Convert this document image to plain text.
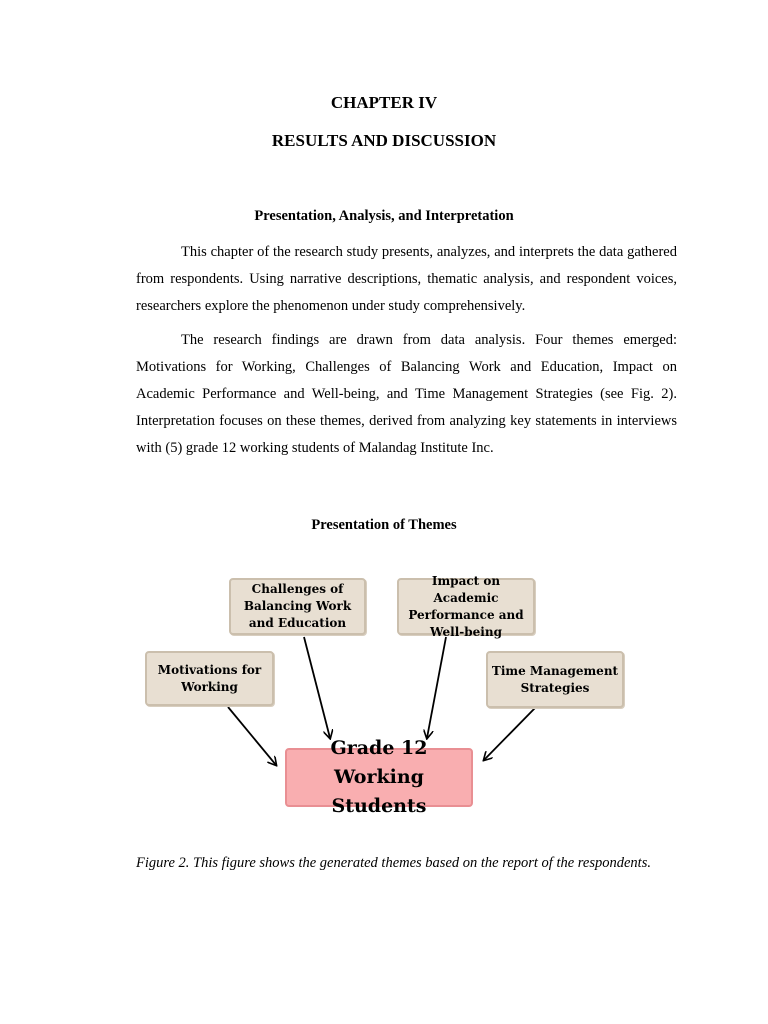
CHAPTER IV
RESULTS AND DISCUSSION
Presentation, Analysis, and Interpretation

This chapter of the research study presents, analyzes, and interprets the data gathered from respondents. Using narrative descriptions, thematic analysis, and respondent voices, researchers explore the phenomenon under study comprehensively.

The research findings are drawn from data analysis. Four themes emerged: Motivations for Working, Challenges of Balancing Work and Education, Impact on Academic Performance and Well-being, and Time Management Strategies (see Fig. 2). Interpretation focuses on these themes, derived from analyzing key statements in interviews with (5) grade 12 working students of Malandag Institute Inc.

Presentation of Themes
Motivations for
Working
Challenges of
Balancing Work
and Education
Impact on Academic
Performance and
Well-being
Time Management
Strategies
Grade 12 Working
Students
Figure 2. This figure shows the generated themes based on the report of the respondents.
